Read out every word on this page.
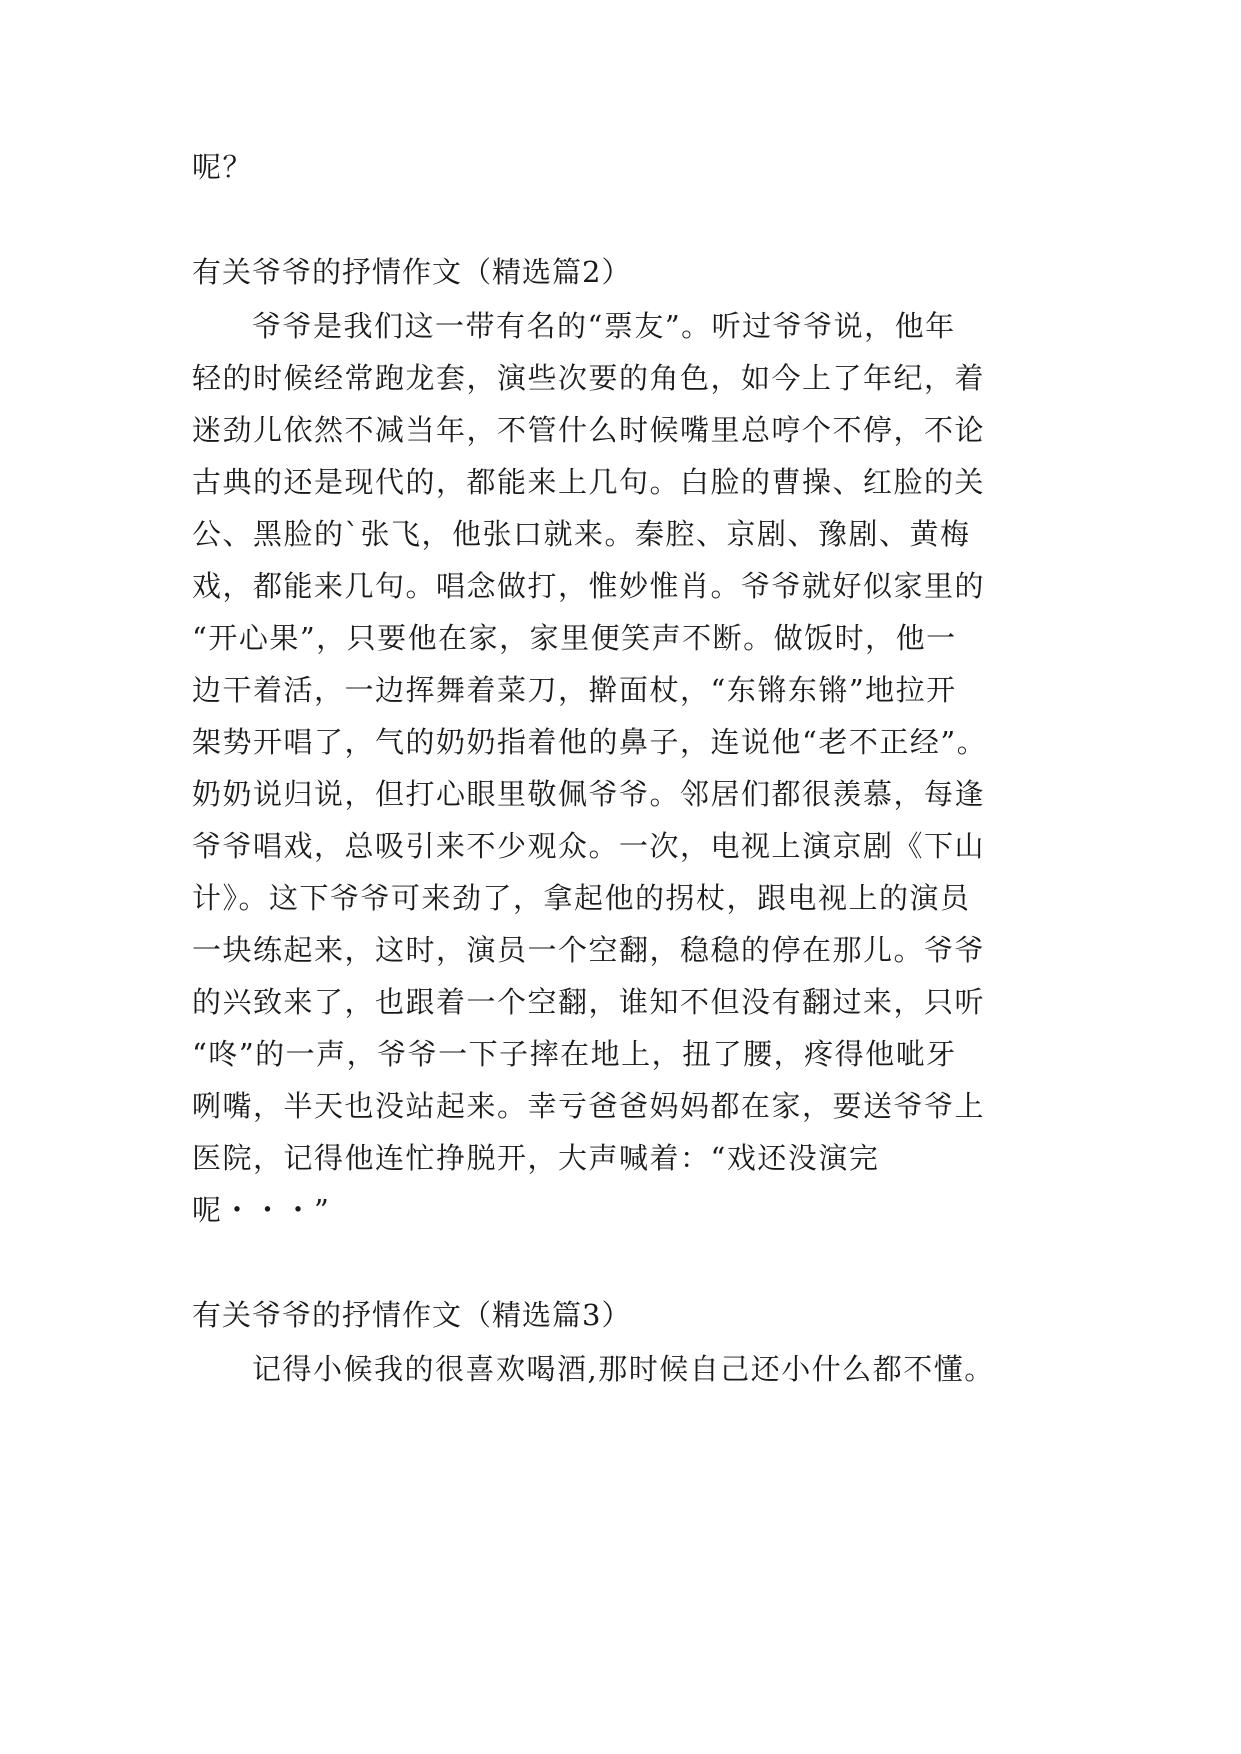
呢？
有关爷爷的抒情作文（精选篇2）
爷爷是我们这一带有名的“票友”。听过爷爷说，他年
轻的时候经常跑龙套，演些次要的角色，如今上了年纪，着
迷劲儿依然不减当年，不管什么时候嘴里总哼个不停，不论
古典的还是现代的，都能来上几句。白脸的曹操、红脸的关
公、黑脸的`张飞，他张口就来。秦腔、京剧、豫剧、黄梅
戏，都能来几句。唱念做打，惟妙惟肖。爷爷就好似家里的
“开心果”，只要他在家，家里便笑声不断。做饭时，他一
边干着活，一边挥舞着菜刀，擀面杖，“东锵东锵”地拉开
架势开唱了，气的奶奶指着他的鼻子，连说他“老不正经”。
奶奶说归说，但打心眼里敬佩爷爷。邻居们都很羡慕，每逢
爷爷唱戏，总吸引来不少观众。一次，电视上演京剧《下山
计》。这下爷爷可来劲了，拿起他的拐杖，跟电视上的演员
一块练起来，这时，演员一个空翻，稳稳的停在那儿。爷爷
的兴致来了，也跟着一个空翻，谁知不但没有翻过来，只听
“咚”的一声，爷爷一下子摔在地上，扭了腰，疼得他呲牙
咧嘴，半天也没站起来。幸亏爸爸妈妈都在家，要送爷爷上
医院，记得他连忙挣脱开，大声喊着：“戏还没演完
呢・・・”
有关爷爷的抒情作文（精选篇3）
记得小候我的很喜欢喝酒,那时候自己还小什么都不懂。
